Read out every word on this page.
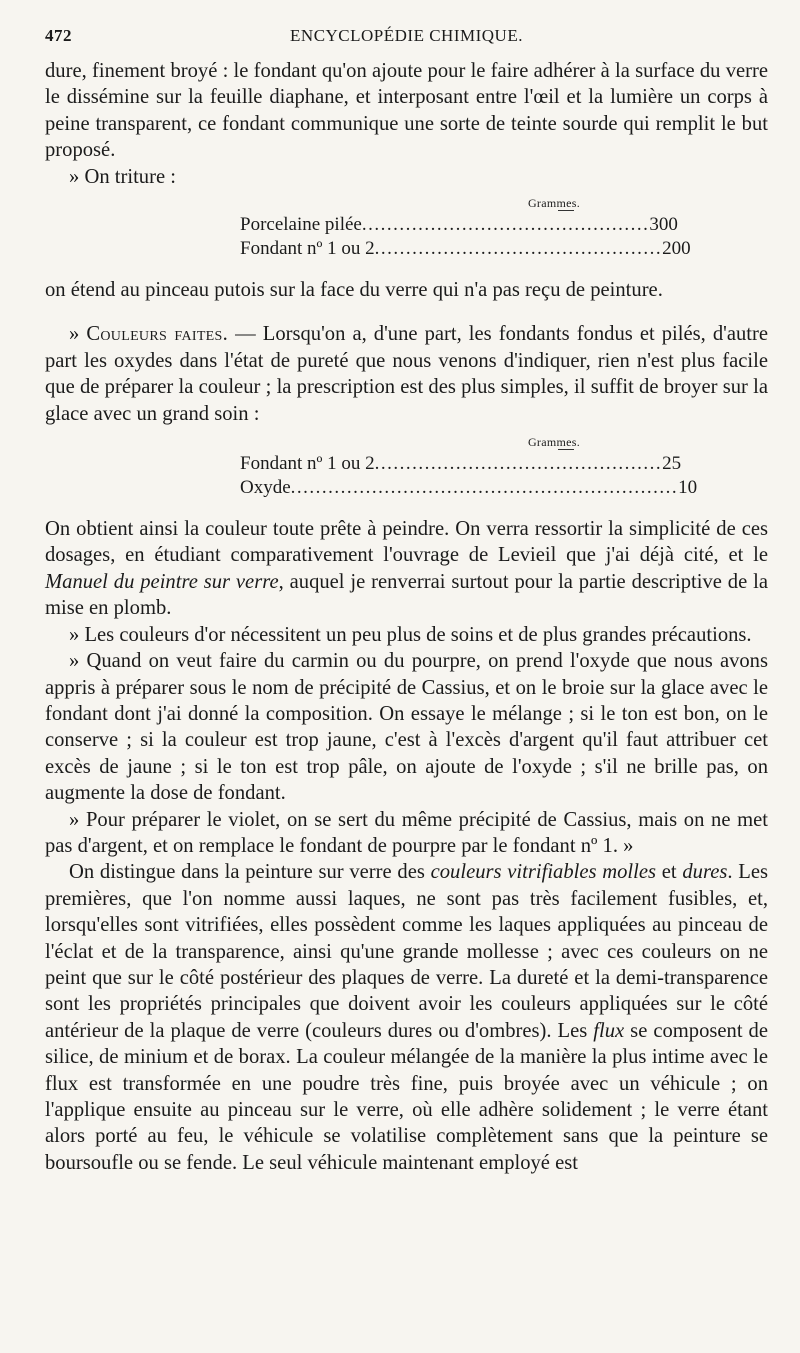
472	ENCYCLOPÉDIE CHIMIQUE.

dure, finement broyé : le fondant qu'on ajoute pour le faire adhérer à la surface du verre le dissémine sur la feuille diaphane, et interposant entre l'œil et la lumière un corps à peine transparent, ce fondant communique une sorte de teinte sourde qui remplit le but proposé.

» On triture :

Grammes.
Porcelaine pilée .............................................. 300
Fondant nº 1 ou 2 .............................................. 200

on étend au pinceau putois sur la face du verre qui n'a pas reçu de peinture.

» Couleurs faites. — Lorsqu'on a, d'une part, les fondants fondus et pilés, d'autre part les oxydes dans l'état de pureté que nous venons d'indiquer, rien n'est plus facile que de préparer la couleur ; la prescription est des plus simples, il suffit de broyer sur la glace avec un grand soin :

Grammes.
Fondant nº 1 ou 2 .............................................. 25
Oxyde .............................................................. 10

On obtient ainsi la couleur toute prête à peindre. On verra ressortir la simplicité de ces dosages, en étudiant comparativement l'ouvrage de Levieil que j'ai déjà cité, et le Manuel du peintre sur verre, auquel je renverrai surtout pour la partie descriptive de la mise en plomb.

» Les couleurs d'or nécessitent un peu plus de soins et de plus grandes précautions.

» Quand on veut faire du carmin ou du pourpre, on prend l'oxyde que nous avons appris à préparer sous le nom de précipité de Cassius, et on le broie sur la glace avec le fondant dont j'ai donné la composition. On essaye le mélange ; si le ton est bon, on le conserve ; si la couleur est trop jaune, c'est à l'excès d'argent qu'il faut attribuer cet excès de jaune ; si le ton est trop pâle, on ajoute de l'oxyde ; s'il ne brille pas, on augmente la dose de fondant.

» Pour préparer le violet, on se sert du même précipité de Cassius, mais on ne met pas d'argent, et on remplace le fondant de pourpre par le fondant nº 1. »

On distingue dans la peinture sur verre des couleurs vitrifiables molles et dures. Les premières, que l'on nomme aussi laques, ne sont pas très facilement fusibles, et, lorsqu'elles sont vitrifiées, elles possèdent comme les laques appliquées au pinceau de l'éclat et de la transparence, ainsi qu'une grande mollesse ; avec ces couleurs on ne peint que sur le côté postérieur des plaques de verre. La dureté et la demi-transparence sont les propriétés principales que doivent avoir les couleurs appliquées sur le côté antérieur de la plaque de verre (couleurs dures ou d'ombres). Les flux se composent de silice, de minium et de borax. La couleur mélangée de la manière la plus intime avec le flux est transformée en une poudre très fine, puis broyée avec un véhicule ; on l'applique ensuite au pinceau sur le verre, où elle adhère solidement ; le verre étant alors porté au feu, le véhicule se volatilise complètement sans que la peinture se boursoufle ou se fende. Le seul véhicule maintenant employé est
